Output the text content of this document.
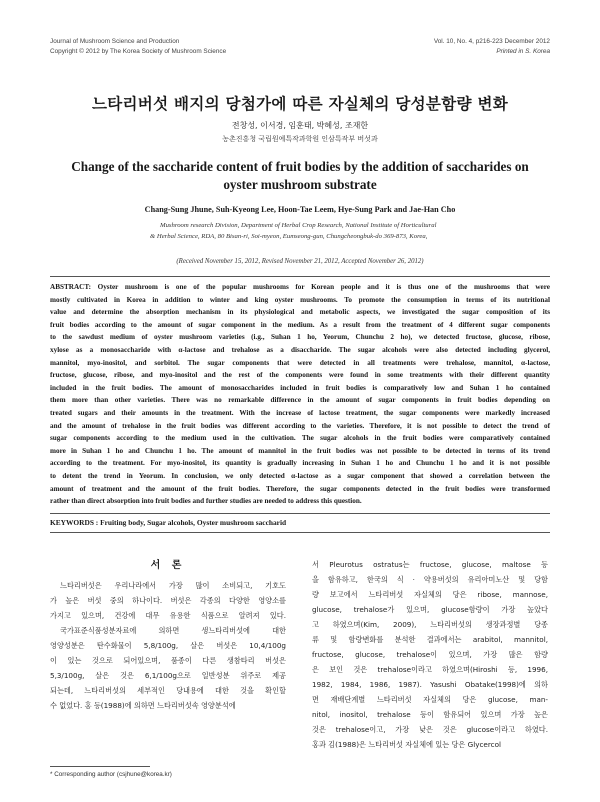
Journal of Mushroom Science and Production
Copyright © 2012 by The Korea Society of Mushroom Science
Vol. 10, No. 4, p216-223 December 2012
Printed in S. Korea
느타리버섯 배지의 당첨가에 따른 자실체의 당성분함량 변화
전창성, 이서경, 임훈태, 박혜성, 조재한
농촌진흥청 국립원예특작과학원 인삼특작부 버섯과
Change of the saccharide content of fruit bodies by the addition of saccharides on oyster mushroom substrate
Chang-Sung Jhune, Suh-Kyeong Lee, Hoon-Tae Leem, Hye-Sung Park and Jae-Han Cho
Mushroom research Division, Department of Herbal Crop Research, National Institute of Horticultural
& Herbal Science, RDA, 80 Bisan-ri, Soi-myeon, Eumseong-gun, Chungcheongbuk-do 369-873, Korea,
(Received November 15, 2012, Revised November 21, 2012, Accepted November 26, 2012)
ABSTRACT: Oyster mushroom is one of the popular mushrooms for Korean people and it is thus one of the mushrooms that were
mostly cultivated in Korea in addition to winter and king oyster mushrooms. To promote the consumption in terms of its nutritional
value and determine the absorption mechanism in its physiological and metabolic aspects, we investigated the sugar composition of its
fruit bodies according to the amount of sugar component in the medium. As a result from the treatment of 4 different sugar components
to the sawdust medium of oyster mushroom varieties (i.g., Suhan 1 ho, Yeorum, Chunchu 2 ho), we detected fructose, glucose, ribose,
xylose as a monosaccharide with α-lactose and trehalose as a disaccharide. The sugar alcohols were also detected including glycerol,
mannitol, myo-inositol, and sorbitol. The sugar components that were detected in all treatments were trehalose, mannitol, α-lactose,
fructose, glucose, ribose, and myo-inositol and the rest of the components were found in some treatments with their different quantity
included in the fruit bodies. The amount of monosaccharides included in fruit bodies is comparatively low and Suhan 1 ho contained
them more than other varieties. There was no remarkable difference in the amount of sugar components in fruit bodies depending on
treated sugars and their amounts in the treatment. With the increase of lactose treatment, the sugar components were markedly increased
and the amount of trehalose in the fruit bodies was different according to the varieties. Therefore, it is not possible to detect the trend of
sugar components according to the medium used in the cultivation. The sugar alcohols in the fruit bodies were comparatively contained
more in Suhan 1 ho and Chunchu 1 ho. The amount of mannitol in the fruit bodies was not possible to be detected in terms of its trend
according to the treatment. For myo-inositol, its quantity is gradually increasing in Suhan 1 ho and Chunchu 1 ho and it is not possible
to detent the trend in Yeorum. In conclusion, we only detected α-lactose as a sugar component that showed a correlation between the
amount of treatment and the amount of the fruit bodies. Therefore, the sugar components detected in the fruit bodies were transformed
rather than direct absorption into fruit bodies and further studies are needed to address this question.
KEYWORDS : Fruiting body, Sugar alcohols, Oyster mushroom saccharid
서 론
느타리버섯은 우리나라에서 가장 많이 소비되고, 기호도
가 높은 버섯 중의 하나이다. 버섯은 각종의 다양한 영양소를
가지고 있으며, 건강에 대무 유용한 식품으로 알려져 있다.
국가표준식품성분자료에 의하면 생느타리버섯에 대한
영양성분은 탄수화물이 5,8/100g, 살은 버섯은 10,4/100g
이 있는 것으로 되어있으며, 품종이 다른 생참타리 버섯은
5,3/100g, 살은 것은 6,1/100g으로 일반성분 위주로 제공
되는데, 느타리버섯의 세부적인 당내용에 대한 것을 확인할
수 없었다. 홍 등(1988)에 의하면 느타리버섯속 영양분석에
서 Pleurotus ostratus는 fructose, glucose, maltose 등
을 함유하고, 한국의 식 · 약용버섯의 유리아미노산 및 당함
량 보고에서 느타리버섯 자실체의 당은 ribose, mannose,
glucose, trehalose가 있으며, glucose함량이 가장 높았다
고 하였으며(Kim, 2009), 느타리버섯의 생장과정별 당종
류 및 함량변화를 분석한 결과에서는 arabitol, mannitol,
fructose, glucose, trehalose이 있으며, 가장 많은 함량
은 보인 것은 trehalose이라고 하였으며(Hiroshi 등, 1996,
1982, 1984, 1986, 1987). Yasushi Obatake(1998)에 의하
면 재배단계별 느타리버섯 자실체의 당은 glucose, man-
nitol, inositol, trehalose 등이 함유되어 있으며 가장 높은
것은 trehalose이고, 가장 낮은 것은 glucose이라고 하였다.
홍과 김(1988)은 느타리버섯 자실체에 있는 당은 Glycercol
* Corresponding author (csjhune@korea.kr)
